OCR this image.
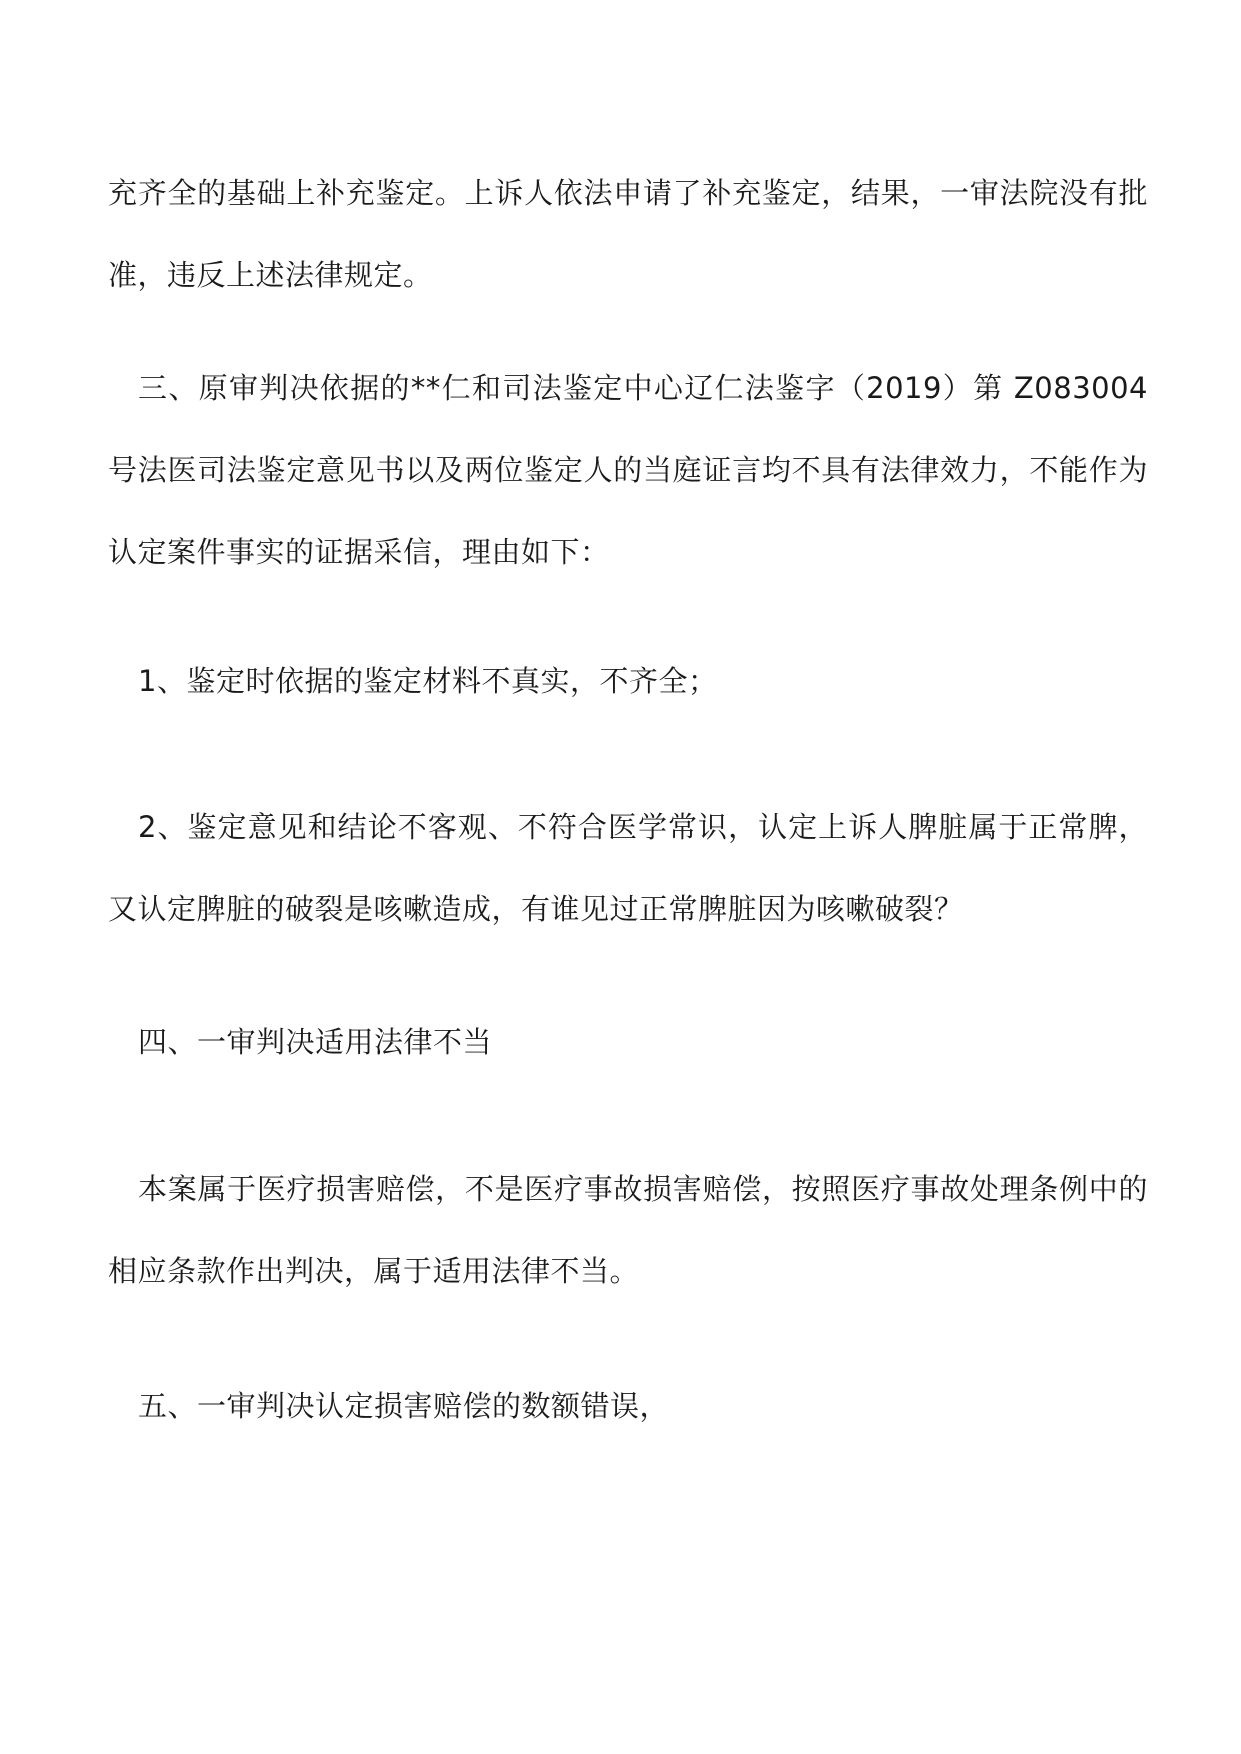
充齐全的基础上补充鉴定。上诉人依法申请了补充鉴定，结果，一审法院没有批准，违反上述法律规定。

三、原审判决依据的**仁和司法鉴定中心辽仁法鉴字（2019）第 Z083004 号法医司法鉴定意见书以及两位鉴定人的当庭证言均不具有法律效力，不能作为认定案件事实的证据采信，理由如下：

1、鉴定时依据的鉴定材料不真实，不齐全；

2、鉴定意见和结论不客观、不符合医学常识，认定上诉人脾脏属于正常脾，又认定脾脏的破裂是咳嗽造成，有谁见过正常脾脏因为咳嗽破裂？

四、一审判决适用法律不当

本案属于医疗损害赔偿，不是医疗事故损害赔偿，按照医疗事故处理条例中的相应条款作出判决，属于适用法律不当。

五、一审判决认定损害赔偿的数额错误，
